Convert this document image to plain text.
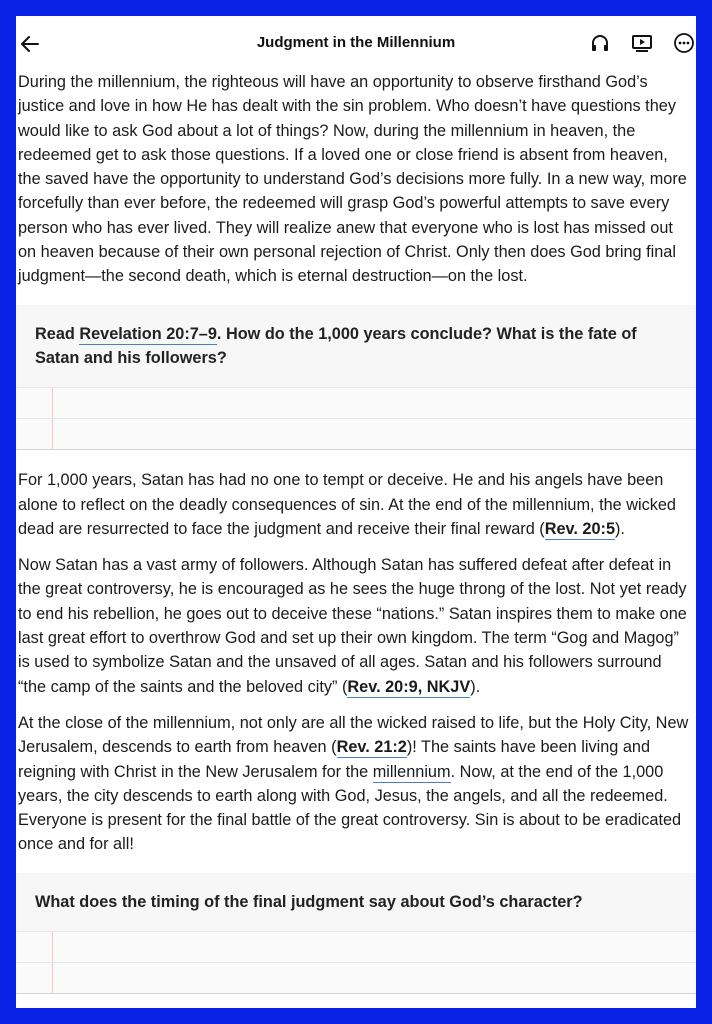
Judgment in the Millennium

During the millennium, the righteous will have an opportunity to observe firsthand God’s justice and love in how He has dealt with the sin problem. Who doesn’t have questions they would like to ask God about a lot of things? Now, during the millennium in heaven, the redeemed get to ask those questions. If a loved one or close friend is absent from heaven, the saved have the opportunity to understand God’s decisions more fully. In a new way, more forcefully than ever before, the redeemed will grasp God’s powerful attempts to save every person who has ever lived. They will realize anew that everyone who is lost has missed out on heaven because of their own personal rejection of Christ. Only then does God bring final judgment—the second death, which is eternal destruction—on the lost.

Read Revelation 20:7–9. How do the 1,000 years conclude? What is the fate of Satan and his followers?

For 1,000 years, Satan has had no one to tempt or deceive. He and his angels have been alone to reflect on the deadly consequences of sin. At the end of the millennium, the wicked dead are resurrected to face the judgment and receive their final reward (Rev. 20:5).

Now Satan has a vast army of followers. Although Satan has suffered defeat after defeat in the great controversy, he is encouraged as he sees the huge throng of the lost. Not yet ready to end his rebellion, he goes out to deceive these “nations.” Satan inspires them to make one last great effort to overthrow God and set up their own kingdom. The term “Gog and Magog” is used to symbolize Satan and the unsaved of all ages. Satan and his followers surround “the camp of the saints and the beloved city” (Rev. 20:9, NKJV).

At the close of the millennium, not only are all the wicked raised to life, but the Holy City, New Jerusalem, descends to earth from heaven (Rev. 21:2)! The saints have been living and reigning with Christ in the New Jerusalem for the millennium. Now, at the end of the 1,000 years, the city descends to earth along with God, Jesus, the angels, and all the redeemed. Everyone is present for the final battle of the great controversy. Sin is about to be eradicated once and for all!

What does the timing of the final judgment say about God’s character?
